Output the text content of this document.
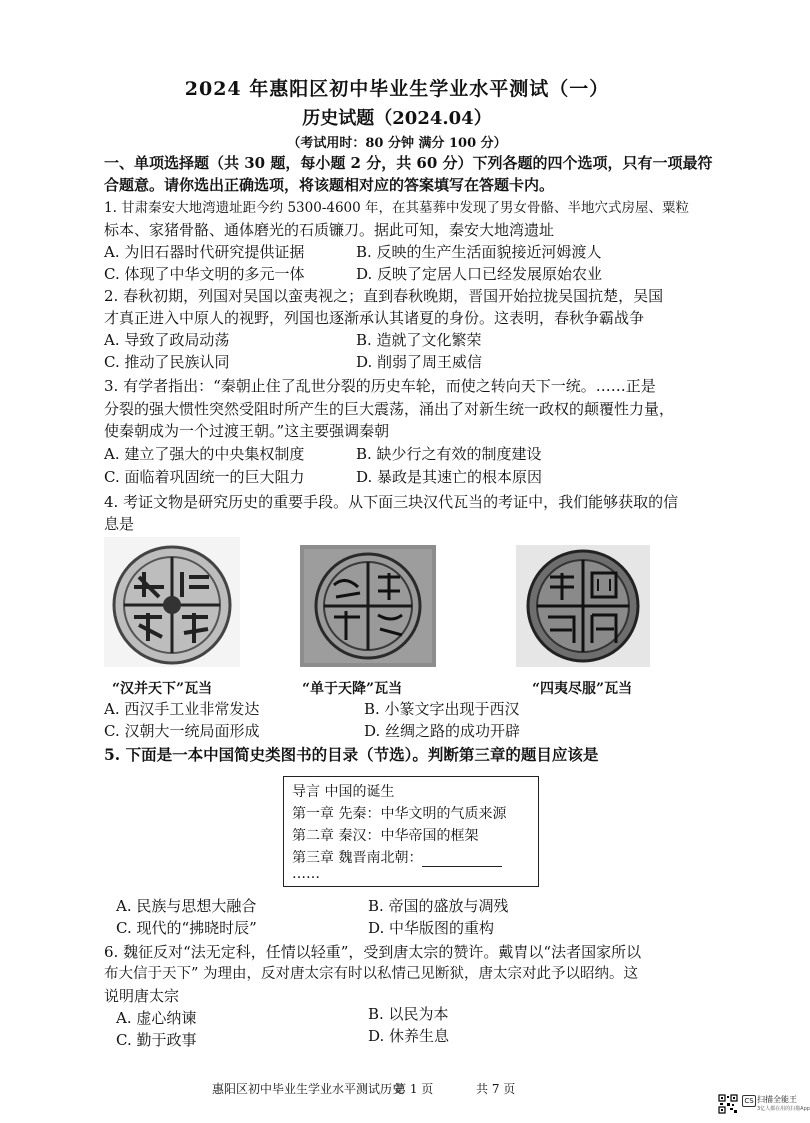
2024 年惠阳区初中毕业生学业水平测试（一）
历史试题（2024.04）
（考试用时：80 分钟 满分 100 分）
一、单项选择题（共 30 题，每小题 2 分，共 60 分）下列各题的四个选项，只有一项最符
合题意。请你选出正确选项，将该题相对应的答案填写在答题卡内。
1. 甘肃秦安大地湾遗址距今约 5300-4600 年，在其墓葬中发现了男女骨骼、半地穴式房屋、粟粒
标本、家猪骨骼、通体磨光的石质镰刀。据此可知，秦安大地湾遗址
A. 为旧石器时代研究提供证据	B. 反映的生产生活面貌接近河姆渡人
C. 体现了中华文明的多元一体	D. 反映了定居人口已经发展原始农业
2. 春秋初期，列国对吴国以蛮夷视之；直到春秋晚期，晋国开始拉拢吴国抗楚，吴国
才真正进入中原人的视野，列国也逐渐承认其诸夏的身份。这表明，春秋争霸战争
A. 导致了政局动荡	B. 造就了文化繁荣
C. 推动了民族认同	D. 削弱了周王威信
3. 有学者指出：“秦朝止住了乱世分裂的历史车轮，而使之转向天下一统。……正是
分裂的强大惯性突然受阻时所产生的巨大震荡，涌出了对新生统一政权的颠覆性力量，
使秦朝成为一个过渡王朝。”这主要强调秦朝
A. 建立了强大的中央集权制度	B. 缺少行之有效的制度建设
C. 面临着巩固统一的巨大阻力	D. 暴政是其速亡的根本原因
4. 考证文物是研究历史的重要手段。从下面三块汉代瓦当的考证中，我们能够获取的信
息是
“汉并天下”瓦当	“单于天降”瓦当	“四夷尽服”瓦当
A. 西汉手工业非常发达	B. 小篆文字出现于西汉
C. 汉朝大一统局面形成	D. 丝绸之路的成功开辟
5. 下面是一本中国简史类图书的目录（节选）。判断第三章的题目应该是
导言 中国的诞生
第一章 先秦：中华文明的气质来源
第二章 秦汉：中华帝国的框架
第三章 魏晋南北朝：
……
A. 民族与思想大融合	B. 帝国的盛放与凋残
C. 现代的“拂晓时辰”	D. 中华版图的重构
6. 魏征反对“法无定科，任情以轻重”，受到唐太宗的赞许。戴胄以“法者国家所以
布大信于天下” 为理由，反对唐太宗有时以私情己见断狱，唐太宗对此予以昭纳。这
说明唐太宗
A. 虚心纳谏	B. 以民为本
C. 勤于政事	D. 休养生息
惠阳区初中毕业生学业水平测试历史
第 1 页	共 7 页
CS 扫描全能王
3亿人都在用的扫描App
